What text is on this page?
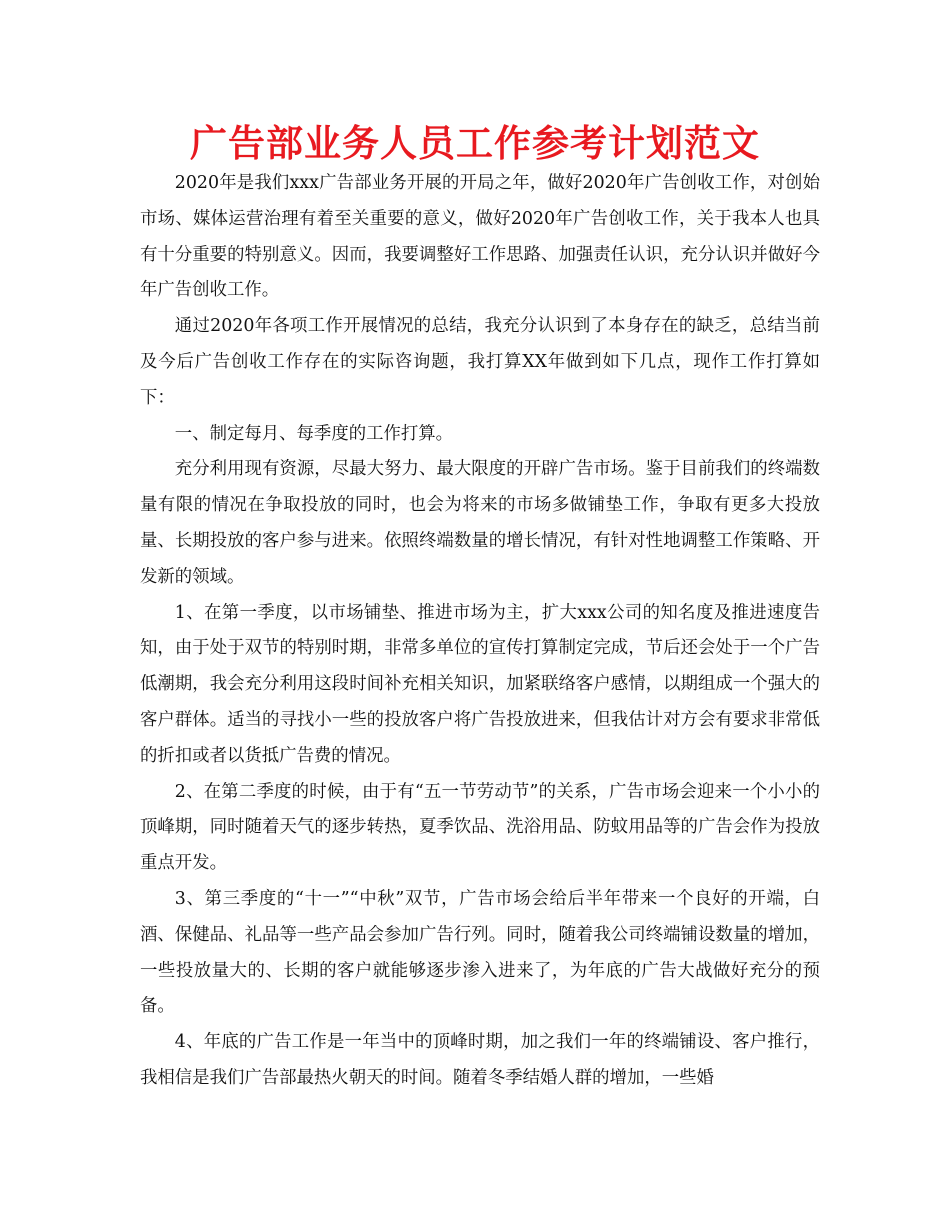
广告部业务人员工作参考计划范文

2020年是我们xxx广告部业务开展的开局之年，做好2020年广告创收工作，对创始市场、媒体运营治理有着至关重要的意义，做好2020年广告创收工作，关于我本人也具有十分重要的特别意义。因而，我要调整好工作思路、加强责任认识，充分认识并做好今年广告创收工作。

通过2020年各项工作开展情况的总结，我充分认识到了本身存在的缺乏，总结当前及今后广告创收工作存在的实际咨询题，我打算XX年做到如下几点，现作工作打算如下：

一、制定每月、每季度的工作打算。

充分利用现有资源，尽最大努力、最大限度的开辟广告市场。鉴于目前我们的终端数量有限的情况在争取投放的同时，也会为将来的市场多做铺垫工作，争取有更多大投放量、长期投放的客户参与进来。依照终端数量的增长情况，有针对性地调整工作策略、开发新的领域。

1、在第一季度，以市场铺垫、推进市场为主，扩大xxx公司的知名度及推进速度告知，由于处于双节的特别时期，非常多单位的宣传打算制定完成，节后还会处于一个广告低潮期，我会充分利用这段时间补充相关知识，加紧联络客户感情，以期组成一个强大的客户群体。适当的寻找小一些的投放客户将广告投放进来，但我估计对方会有要求非常低的折扣或者以货抵广告费的情况。

2、在第二季度的时候，由于有“五一节劳动节”的关系，广告市场会迎来一个小小的顶峰期，同时随着天气的逐步转热，夏季饮品、洗浴用品、防蚊用品等的广告会作为投放重点开发。

3、第三季度的“十一”“中秋”双节，广告市场会给后半年带来一个良好的开端，白酒、保健品、礼品等一些产品会参加广告行列。同时，随着我公司终端铺设数量的增加，一些投放量大的、长期的客户就能够逐步渗入进来了，为年底的广告大战做好充分的预备。

4、年底的广告工作是一年当中的顶峰时期，加之我们一年的终端铺设、客户推行，我相信是我们广告部最热火朝天的时间。随着冬季结婚人群的增加，一些婚
